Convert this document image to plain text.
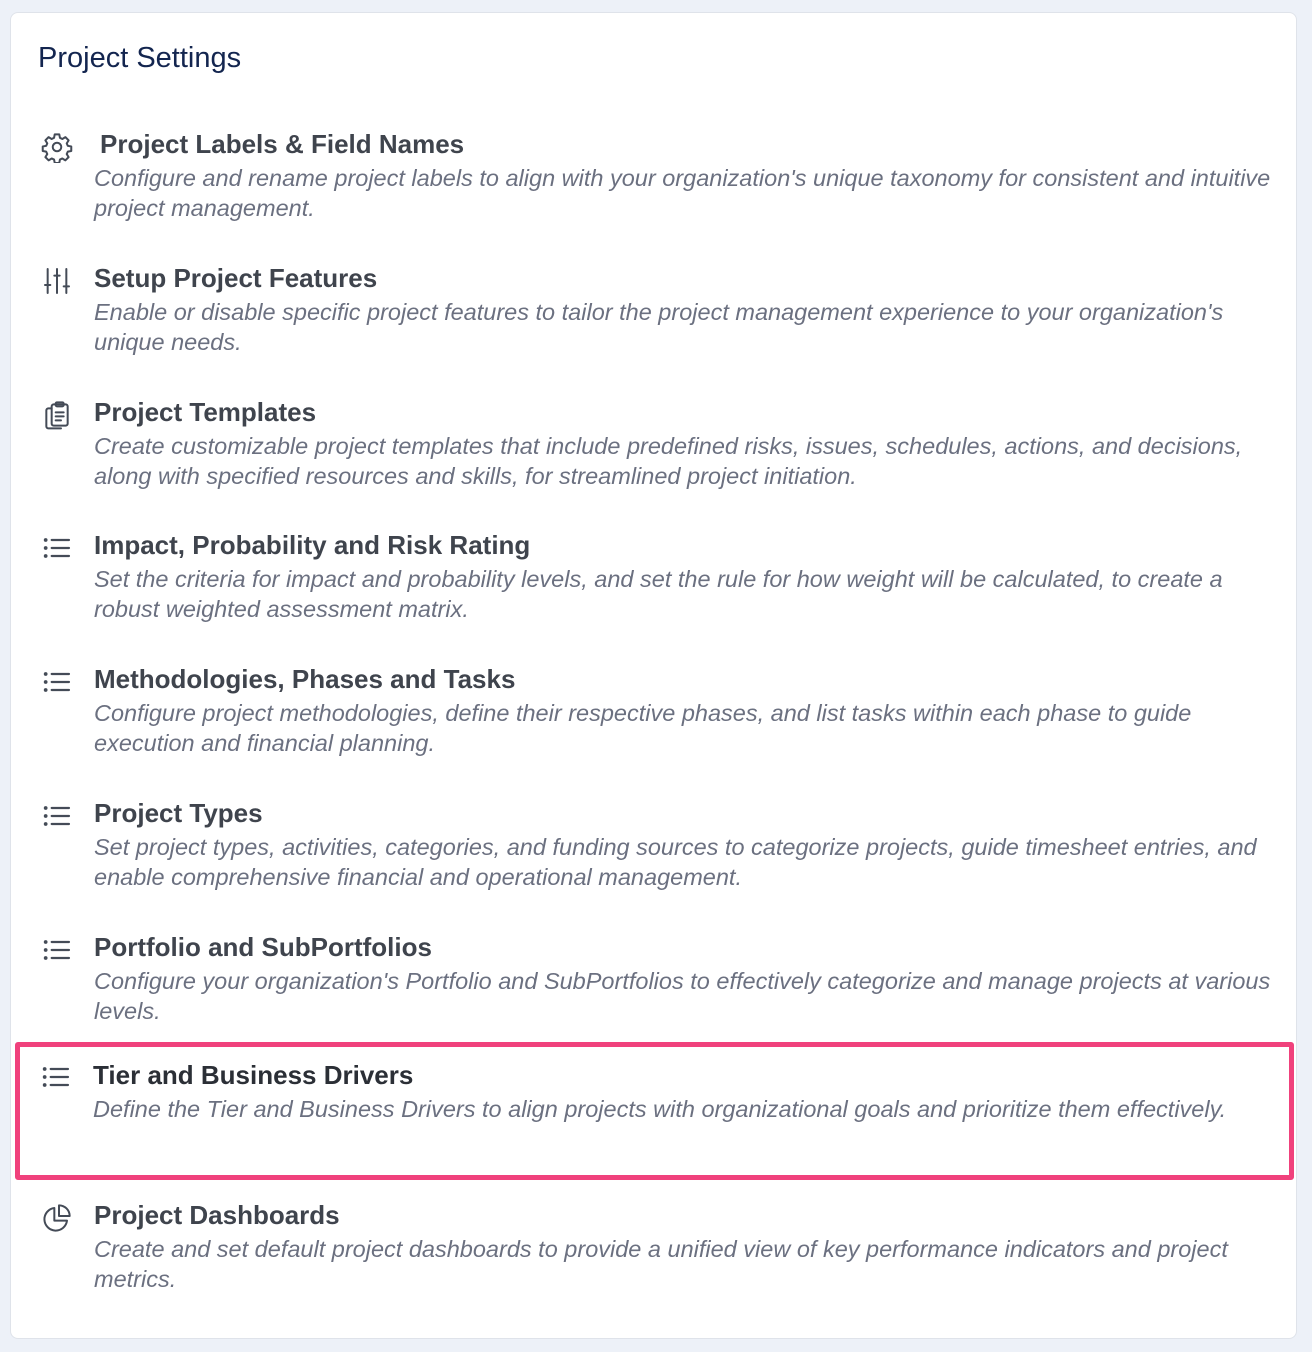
Project Settings
Project Labels & Field Names

Configure and rename project labels to align with your organization's unique taxonomy for consistent and intuitive project management.

Setup Project Features

Enable or disable specific project features to tailor the project management experience to your organization's unique needs.

Project Templates

Create customizable project templates that include predefined risks, issues, schedules, actions, and decisions, along with specified resources and skills, for streamlined project initiation.

Impact, Probability and Risk Rating

Set the criteria for impact and probability levels, and set the rule for how weight will be calculated, to create a robust weighted assessment matrix.

Methodologies, Phases and Tasks

Configure project methodologies, define their respective phases, and list tasks within each phase to guide execution and financial planning.

Project Types

Set project types, activities, categories, and funding sources to categorize projects, guide timesheet entries, and enable comprehensive financial and operational management.

Portfolio and SubPortfolios

Configure your organization's Portfolio and SubPortfolios to effectively categorize and manage projects at various levels.

Tier and Business Drivers

Define the Tier and Business Drivers to align projects with organizational goals and prioritize them effectively.

Project Dashboards

Create and set default project dashboards to provide a unified view of key performance indicators and project metrics.
